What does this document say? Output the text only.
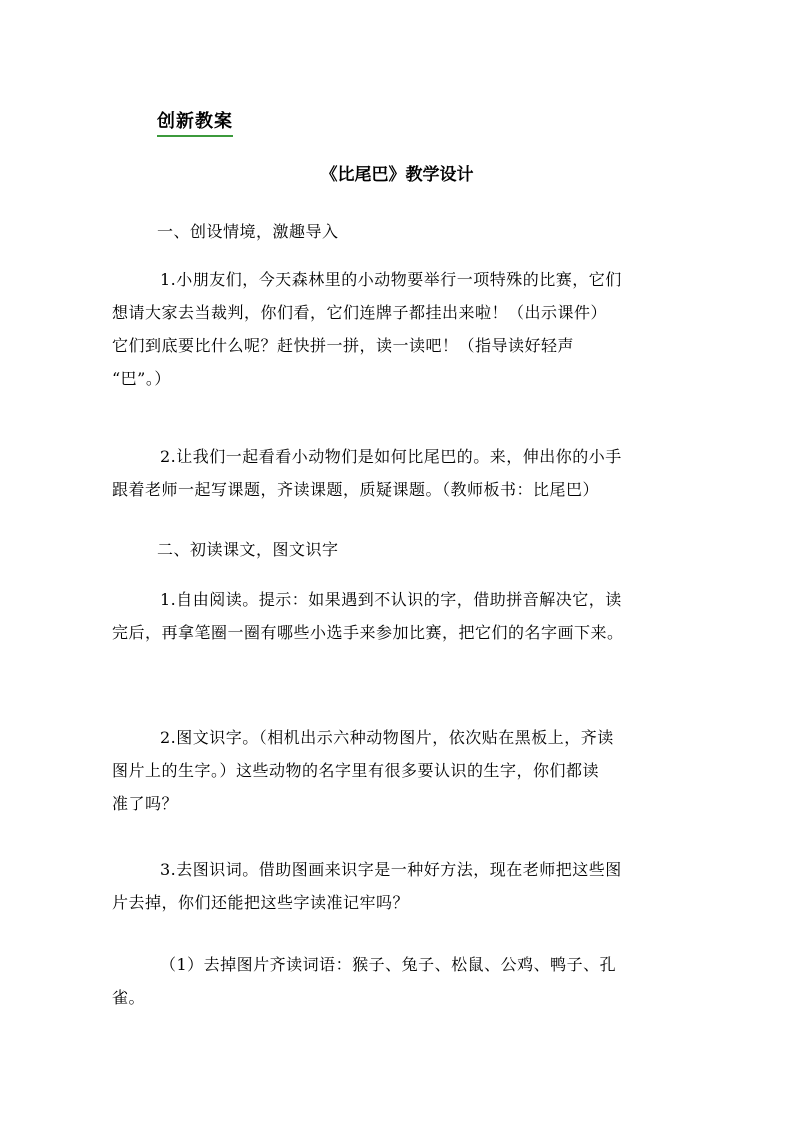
创新教案
《比尾巴》教学设计
一、创设情境，激趣导入
1.小朋友们，今天森林里的小动物要举行一项特殊的比赛，它们
想请大家去当裁判，你们看，它们连牌子都挂出来啦！（出示课件）
它们到底要比什么呢？赶快拼一拼，读一读吧！（指导读好轻声
“巴”。）
2.让我们一起看看小动物们是如何比尾巴的。来，伸出你的小手
跟着老师一起写课题，齐读课题，质疑课题。（教师板书：比尾巴）
二、初读课文，图文识字
1.自由阅读。提示：如果遇到不认识的字，借助拼音解决它，读
完后，再拿笔圈一圈有哪些小选手来参加比赛，把它们的名字画下来。
2.图文识字。（相机出示六种动物图片，依次贴在黑板上，齐读
图片上的生字。）这些动物的名字里有很多要认识的生字，你们都读
准了吗？
3.去图识词。借助图画来识字是一种好方法，现在老师把这些图
片去掉，你们还能把这些字读准记牢吗？
（1）去掉图片齐读词语：猴子、兔子、松鼠、公鸡、鸭子、孔
雀。
